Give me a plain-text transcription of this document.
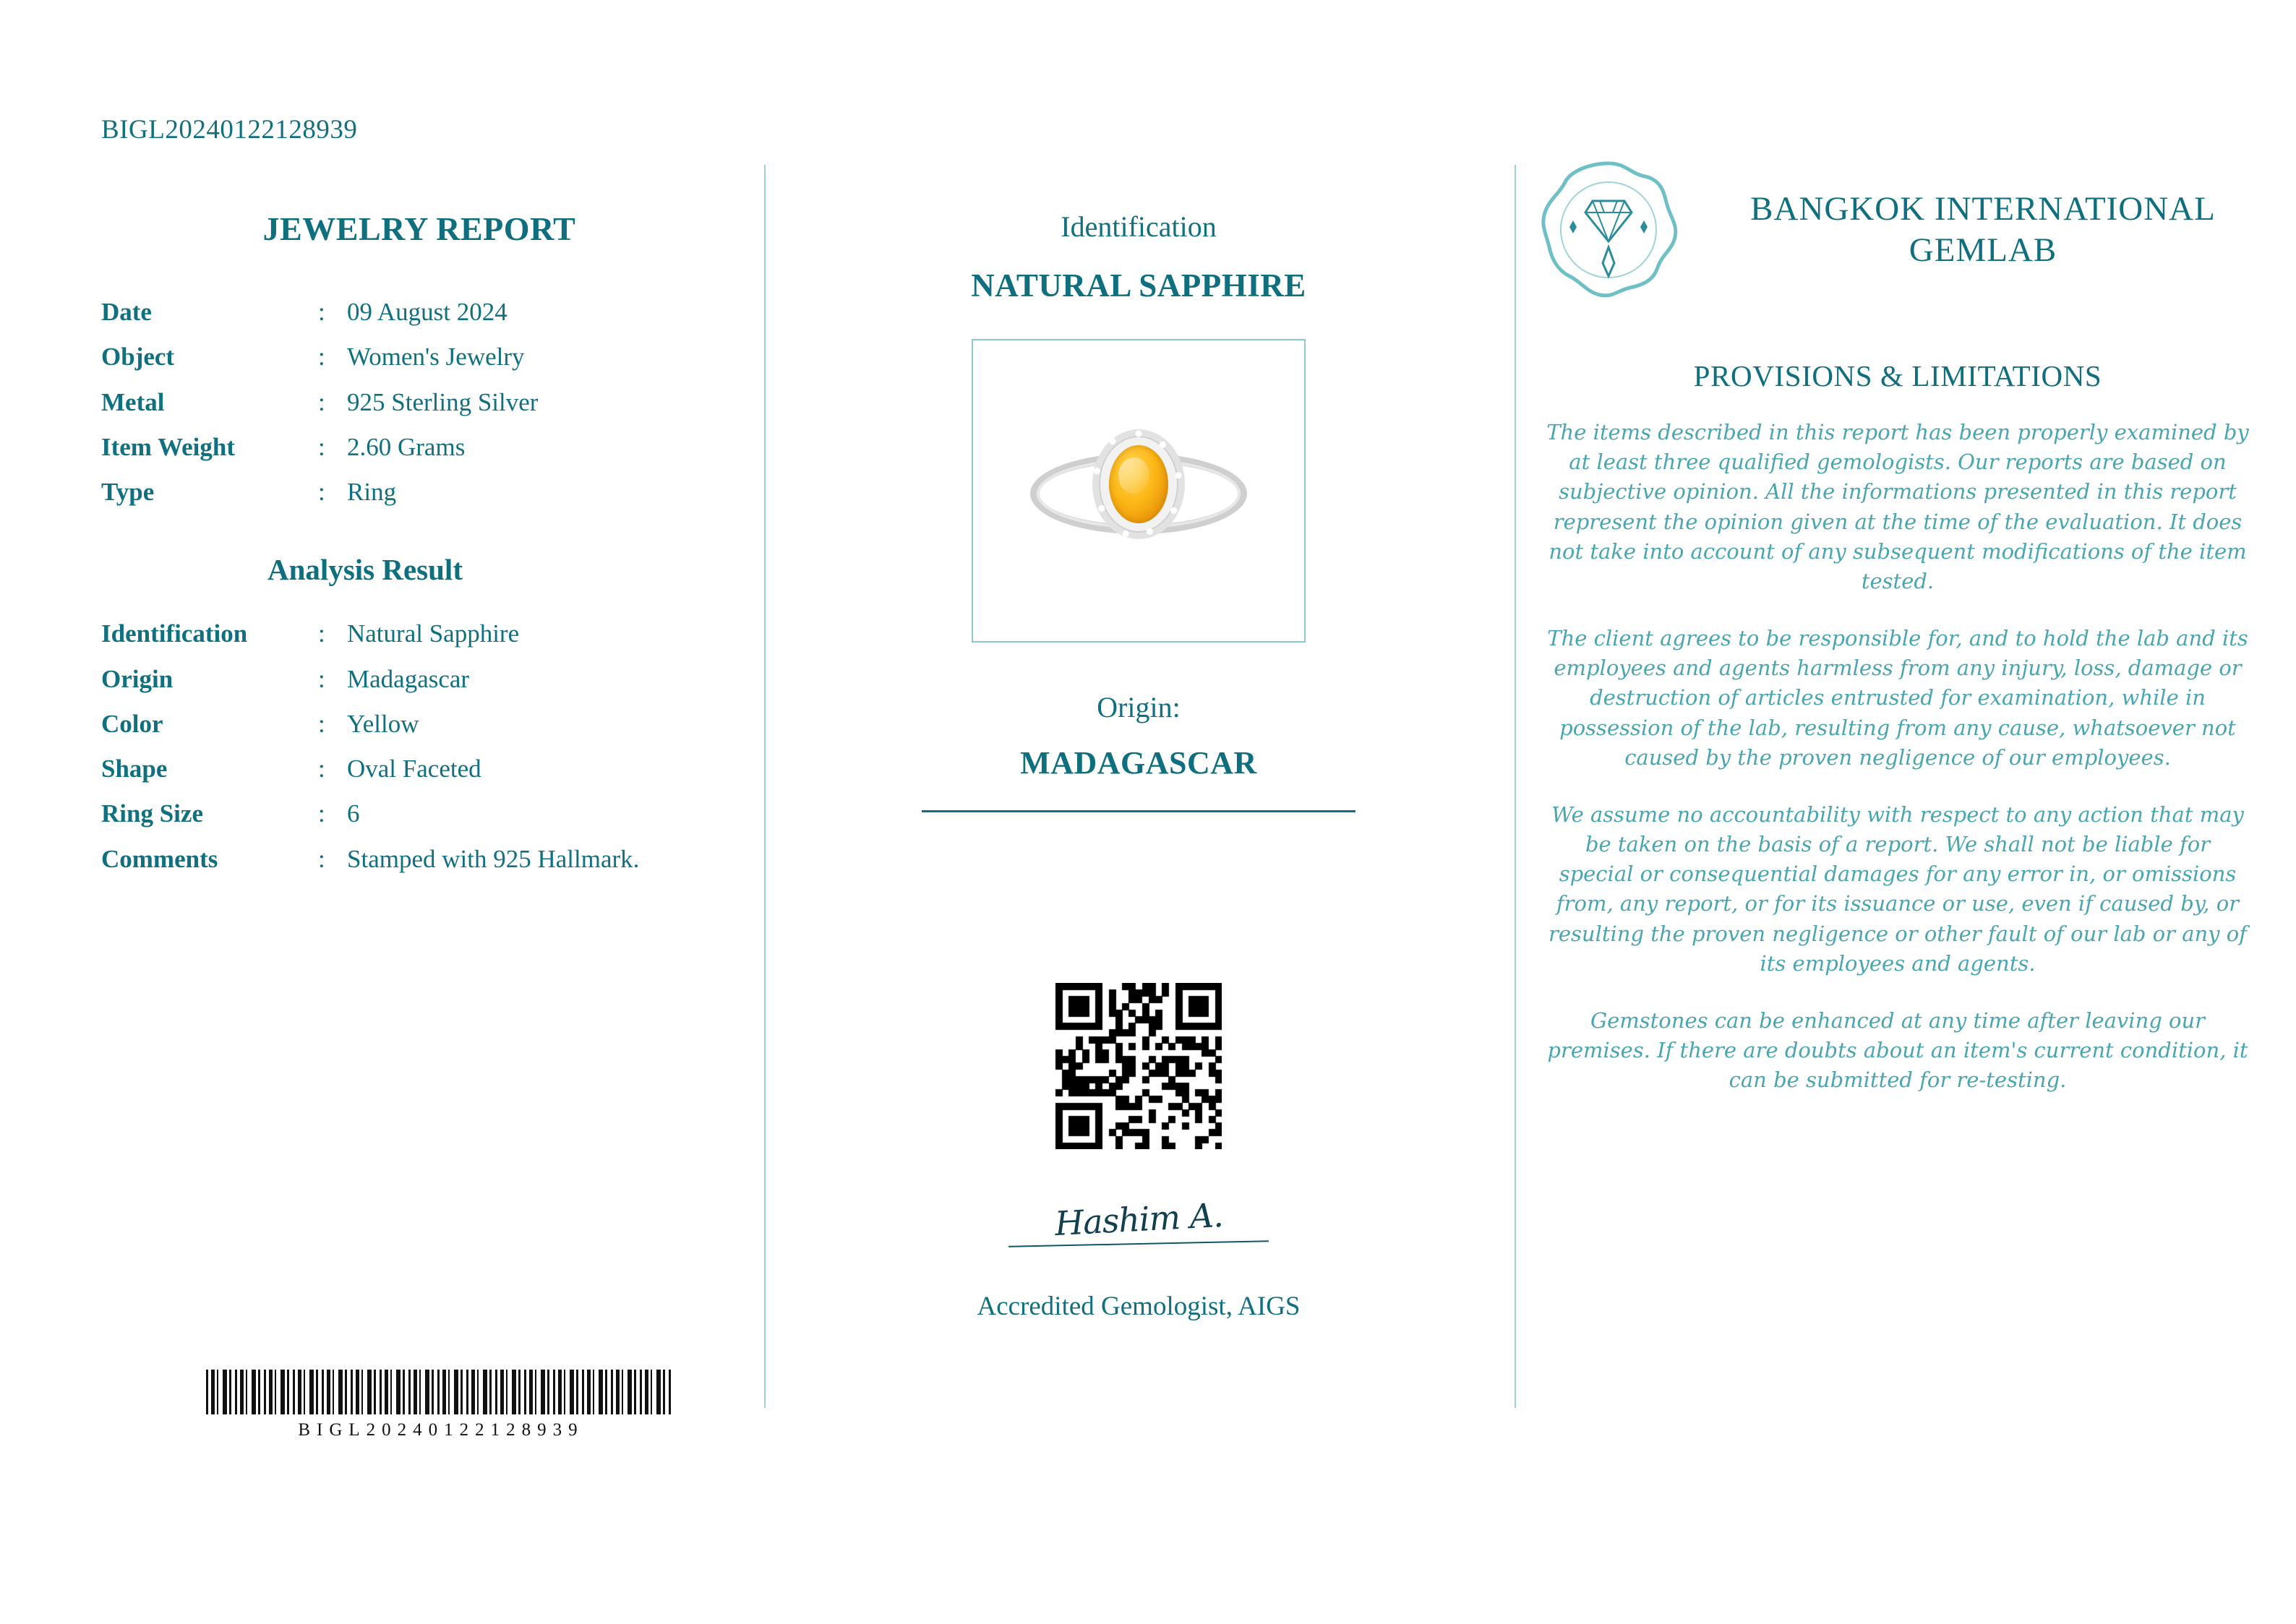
BIGL20240122128939
JEWELRY REPORT
Date	:	09 August 2024
Object	:	Women's Jewelry
Metal	:	925 Sterling Silver
Item Weight	:	2.60 Grams
Type	:	Ring
Analysis Result
Identification	:	Natural Sapphire
Origin	:	Madagascar
Color	:	Yellow
Shape	:	Oval Faceted
Ring Size	:	6
Comments	:	Stamped with 925 Hallmark.
BIGL20240122128939
Identification
NATURAL SAPPHIRE
Origin:
MADAGASCAR
Hashim A.
Accredited Gemologist, AIGS
BANGKOK INTERNATIONAL GEMLAB
PROVISIONS & LIMITATIONS

The items described in this report has been properly examined by at least three qualified gemologists. Our reports are based on subjective opinion. All the informations presented in this report represent the opinion given at the time of the evaluation. It does not take into account of any subsequent modifications of the item tested.

The client agrees to be responsible for, and to hold the lab and its employees and agents harmless from any injury, loss, damage or destruction of articles entrusted for examination, while in possession of the lab, resulting from any cause, whatsoever not caused by the proven negligence of our employees.

We assume no accountability with respect to any action that may be taken on the basis of a report. We shall not be liable for special or consequential damages for any error in, or omissions from, any report, or for its issuance or use, even if caused by, or resulting the proven negligence or other fault of our lab or any of its employees and agents.

Gemstones can be enhanced at any time after leaving our premises. If there are doubts about an item's current condition, it can be submitted for re-testing.
